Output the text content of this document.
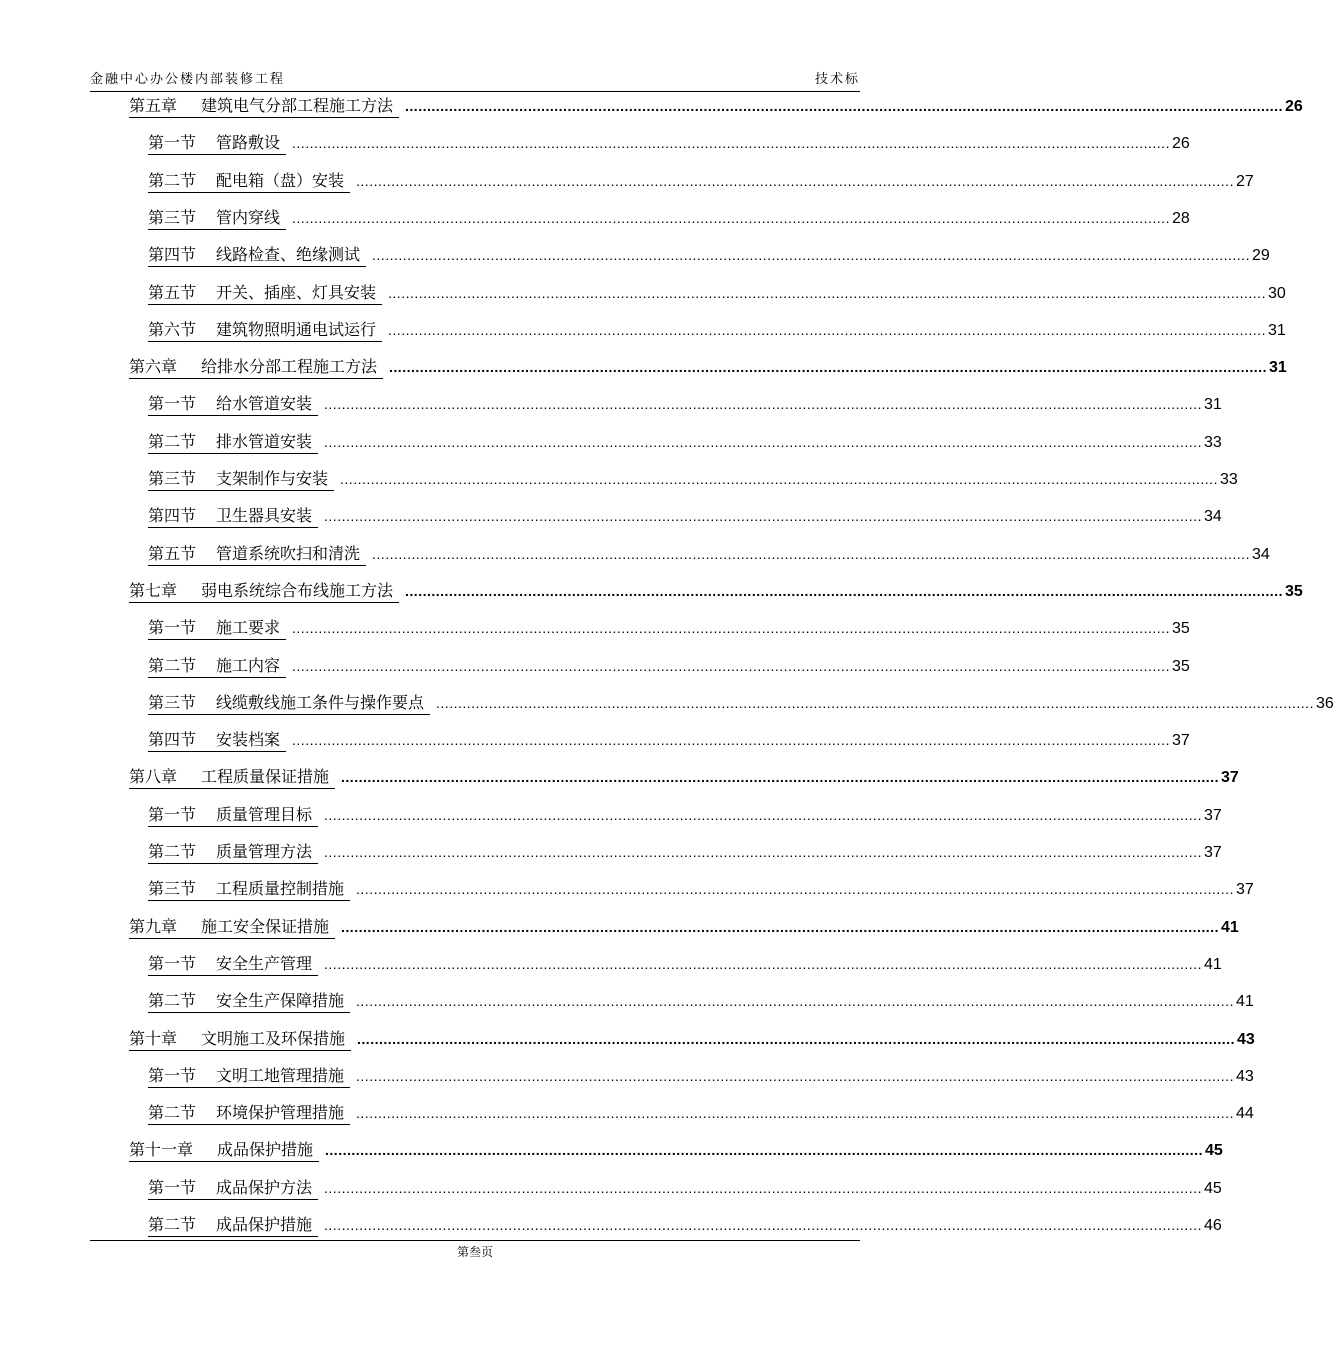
金融中心办公楼内部装修工程	技术标
第五章 建筑电气分部工程施工方法 ........................................................................................................................................................................................................ 26
第一节 管路敷设 ........................................................................................................................................................................................................ 26
第二节 配电箱（盘）安装 ........................................................................................................................................................................................................ 27
第三节 管内穿线 ........................................................................................................................................................................................................ 28
第四节 线路检查、绝缘测试 ........................................................................................................................................................................................................ 29
第五节 开关、插座、灯具安装 ........................................................................................................................................................................................................ 30
第六节 建筑物照明通电试运行 ........................................................................................................................................................................................................ 31
第六章 给排水分部工程施工方法 ........................................................................................................................................................................................................ 31
第一节 给水管道安装 ........................................................................................................................................................................................................ 31
第二节 排水管道安装 ........................................................................................................................................................................................................ 33
第三节 支架制作与安装 ........................................................................................................................................................................................................ 33
第四节 卫生器具安装 ........................................................................................................................................................................................................ 34
第五节 管道系统吹扫和清洗 ........................................................................................................................................................................................................ 34
第七章 弱电系统综合布线施工方法 ........................................................................................................................................................................................................ 35
第一节 施工要求 ........................................................................................................................................................................................................ 35
第二节 施工内容 ........................................................................................................................................................................................................ 35
第三节 线缆敷线施工条件与操作要点 ........................................................................................................................................................................................................ 36
第四节 安装档案 ........................................................................................................................................................................................................ 37
第八章 工程质量保证措施 ........................................................................................................................................................................................................ 37
第一节 质量管理目标 ........................................................................................................................................................................................................ 37
第二节 质量管理方法 ........................................................................................................................................................................................................ 37
第三节 工程质量控制措施 ........................................................................................................................................................................................................ 37
第九章 施工安全保证措施 ........................................................................................................................................................................................................ 41
第一节 安全生产管理 ........................................................................................................................................................................................................ 41
第二节 安全生产保障措施 ........................................................................................................................................................................................................ 41
第十章 文明施工及环保措施 ........................................................................................................................................................................................................ 43
第一节 文明工地管理措施 ........................................................................................................................................................................................................ 43
第二节 环境保护管理措施 ........................................................................................................................................................................................................ 44
第十一章 成品保护措施 ........................................................................................................................................................................................................ 45
第一节 成品保护方法 ........................................................................................................................................................................................................ 45
第二节 成品保护措施 ........................................................................................................................................................................................................ 46
第叁页
